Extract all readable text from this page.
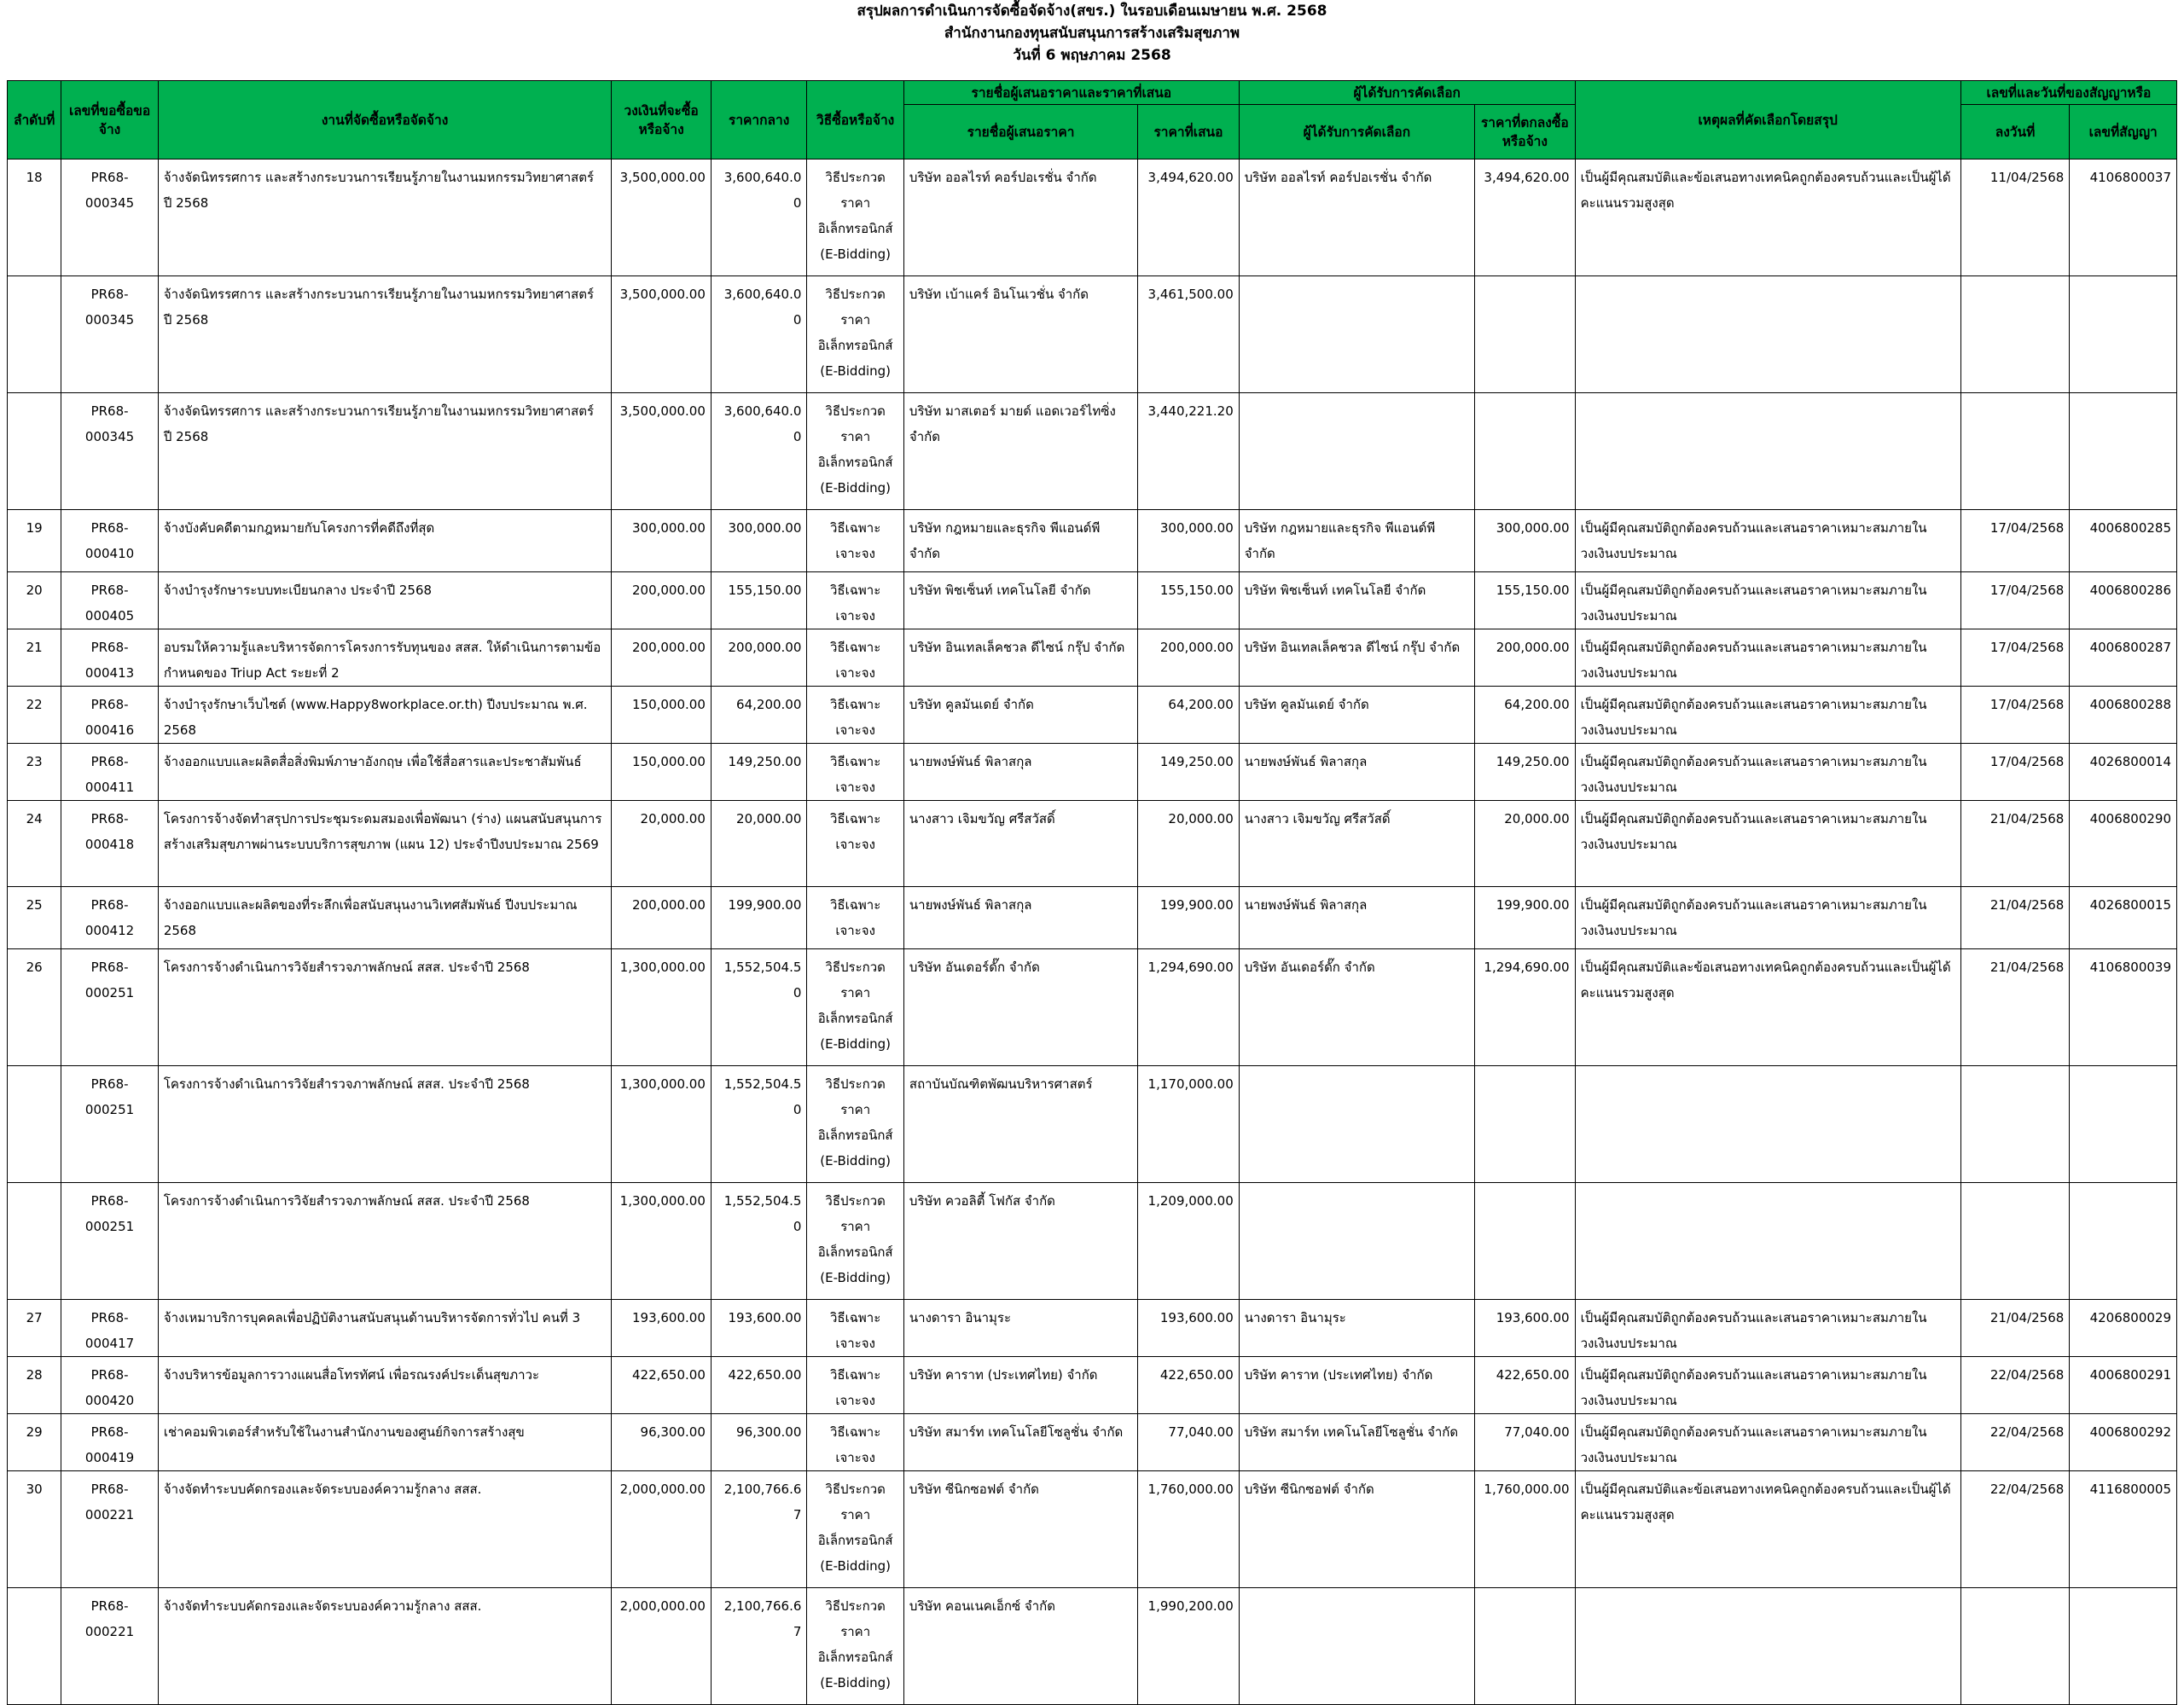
สรุปผลการดำเนินการจัดซื้อจัดจ้าง(สขร.) ในรอบเดือนเมษายน พ.ศ. 2568
สำนักงานกองทุนสนับสนุนการสร้างเสริมสุขภาพ
วันที่ 6 พฤษภาคม 2568
ลำดับที่	เลขที่ขอซื้อขอจ้าง	งานที่จัดซื้อหรือจัดจ้าง	วงเงินที่จะซื้อหรือจ้าง	ราคากลาง	วิธีซื้อหรือจ้าง	รายชื่อผู้เสนอราคาและราคาที่เสนอ		ผู้ได้รับการคัดเลือก		เหตุผลที่คัดเลือกโดยสรุป	เลขที่และวันที่ของสัญญาหรือ	
						รายชื่อผู้เสนอราคา	ราคาที่เสนอ	ผู้ได้รับการคัดเลือก	ราคาที่ตกลงซื้อหรือจ้าง		ลงวันที่	เลขที่สัญญา
18	PR68-000345	จ้างจัดนิทรรศการ และสร้างกระบวนการเรียนรู้ภายในงานมหกรรมวิทยาศาสตร์ ปี 2568	3,500,000.00	3,600,640.00	วิธีประกวดราคาอิเล็กทรอนิกส์ (E-Bidding)	บริษัท ออลไรท์ คอร์ปอเรชั่น จำกัด	3,494,620.00	บริษัท ออลไรท์ คอร์ปอเรชั่น จำกัด	3,494,620.00	เป็นผู้มีคุณสมบัติและข้อเสนอทางเทคนิคถูกต้องครบถ้วนและเป็นผู้ได้คะแนนรวมสูงสุด	11/04/2568	4106800037
	PR68-000345	จ้างจัดนิทรรศการ และสร้างกระบวนการเรียนรู้ภายในงานมหกรรมวิทยาศาสตร์ ปี 2568	3,500,000.00	3,600,640.00	วิธีประกวดราคาอิเล็กทรอนิกส์ (E-Bidding)	บริษัท เบ้าแคร์ อินโนเวชั่น จำกัด	3,461,500.00					
	PR68-000345	จ้างจัดนิทรรศการ และสร้างกระบวนการเรียนรู้ภายในงานมหกรรมวิทยาศาสตร์ ปี 2568	3,500,000.00	3,600,640.00	วิธีประกวดราคาอิเล็กทรอนิกส์ (E-Bidding)	บริษัท มาสเตอร์ มายด์ แอดเวอร์ไทซิ่ง จำกัด	3,440,221.20					
19	PR68-000410	จ้างบังคับคดีตามกฎหมายกับโครงการที่คดีถึงที่สุด	300,000.00	300,000.00	วิธีเฉพาะเจาะจง	บริษัท กฎหมายและธุรกิจ พีแอนด์พี จำกัด	300,000.00	บริษัท กฎหมายและธุรกิจ พีแอนด์พี จำกัด	300,000.00	เป็นผู้มีคุณสมบัติถูกต้องครบถ้วนและเสนอราคาเหมาะสมภายในวงเงินงบประมาณ	17/04/2568	4006800285
20	PR68-000405	จ้างบำรุงรักษาระบบทะเบียนกลาง ประจำปี 2568	200,000.00	155,150.00	วิธีเฉพาะเจาะจง	บริษัท พิชเซ็นท์ เทคโนโลยี จำกัด	155,150.00	บริษัท พิชเซ็นท์ เทคโนโลยี จำกัด	155,150.00	เป็นผู้มีคุณสมบัติถูกต้องครบถ้วนและเสนอราคาเหมาะสมภายในวงเงินงบประมาณ	17/04/2568	4006800286
21	PR68-000413	อบรมให้ความรู้และบริหารจัดการโครงการรับทุนของ สสส. ให้ดำเนินการตามข้อกำหนดของ Triup Act ระยะที่ 2	200,000.00	200,000.00	วิธีเฉพาะเจาะจง	บริษัท อินเทลเล็คชวล ดีไซน์ กรุ๊ป จำกัด	200,000.00	บริษัท อินเทลเล็คชวล ดีไซน์ กรุ๊ป จำกัด	200,000.00	เป็นผู้มีคุณสมบัติถูกต้องครบถ้วนและเสนอราคาเหมาะสมภายในวงเงินงบประมาณ	17/04/2568	4006800287
22	PR68-000416	จ้างบำรุงรักษาเว็บไซต์ (www.Happy8workplace.or.th) ปีงบประมาณ พ.ศ. 2568	150,000.00	64,200.00	วิธีเฉพาะเจาะจง	บริษัท คูลมันเดย์ จำกัด	64,200.00	บริษัท คูลมันเดย์ จำกัด	64,200.00	เป็นผู้มีคุณสมบัติถูกต้องครบถ้วนและเสนอราคาเหมาะสมภายในวงเงินงบประมาณ	17/04/2568	4006800288
23	PR68-000411	จ้างออกแบบและผลิตสื่อสิ่งพิมพ์ภาษาอังกฤษ เพื่อใช้สื่อสารและประชาสัมพันธ์	150,000.00	149,250.00	วิธีเฉพาะเจาะจง	นายพงษ์พันธ์ พิลาสกุล	149,250.00	นายพงษ์พันธ์ พิลาสกุล	149,250.00	เป็นผู้มีคุณสมบัติถูกต้องครบถ้วนและเสนอราคาเหมาะสมภายในวงเงินงบประมาณ	17/04/2568	4026800014
24	PR68-000418	โครงการจ้างจัดทำสรุปการประชุมระดมสมองเพื่อพัฒนา (ร่าง) แผนสนับสนุนการสร้างเสริมสุขภาพผ่านระบบบริการสุขภาพ (แผน 12) ประจำปีงบประมาณ 2569	20,000.00	20,000.00	วิธีเฉพาะเจาะจง	นางสาว เจิมขวัญ ศรีสวัสดิ์	20,000.00	นางสาว เจิมขวัญ ศรีสวัสดิ์	20,000.00	เป็นผู้มีคุณสมบัติถูกต้องครบถ้วนและเสนอราคาเหมาะสมภายในวงเงินงบประมาณ	21/04/2568	4006800290
25	PR68-000412	จ้างออกแบบและผลิตของที่ระลึกเพื่อสนับสนุนงานวิเทศสัมพันธ์ ปีงบประมาณ 2568	200,000.00	199,900.00	วิธีเฉพาะเจาะจง	นายพงษ์พันธ์ พิลาสกุล	199,900.00	นายพงษ์พันธ์ พิลาสกุล	199,900.00	เป็นผู้มีคุณสมบัติถูกต้องครบถ้วนและเสนอราคาเหมาะสมภายในวงเงินงบประมาณ	21/04/2568	4026800015
26	PR68-000251	โครงการจ้างดำเนินการวิจัยสำรวจภาพลักษณ์ สสส. ประจำปี 2568	1,300,000.00	1,552,504.50	วิธีประกวดราคาอิเล็กทรอนิกส์ (E-Bidding)	บริษัท อันเดอร์ดั๊ก จำกัด	1,294,690.00	บริษัท อันเดอร์ดั๊ก จำกัด	1,294,690.00	เป็นผู้มีคุณสมบัติและข้อเสนอทางเทคนิคถูกต้องครบถ้วนและเป็นผู้ได้คะแนนรวมสูงสุด	21/04/2568	4106800039
	PR68-000251	โครงการจ้างดำเนินการวิจัยสำรวจภาพลักษณ์ สสส. ประจำปี 2568	1,300,000.00	1,552,504.50	วิธีประกวดราคาอิเล็กทรอนิกส์ (E-Bidding)	สถาบันบัณฑิตพัฒนบริหารศาสตร์	1,170,000.00					
	PR68-000251	โครงการจ้างดำเนินการวิจัยสำรวจภาพลักษณ์ สสส. ประจำปี 2568	1,300,000.00	1,552,504.50	วิธีประกวดราคาอิเล็กทรอนิกส์ (E-Bidding)	บริษัท ควอลิตี้ โฟกัส จำกัด	1,209,000.00					
27	PR68-000417	จ้างเหมาบริการบุคคลเพื่อปฏิบัติงานสนับสนุนด้านบริหารจัดการทั่วไป คนที่ 3	193,600.00	193,600.00	วิธีเฉพาะเจาะจง	นางดารา อินามุระ	193,600.00	นางดารา อินามุระ	193,600.00	เป็นผู้มีคุณสมบัติถูกต้องครบถ้วนและเสนอราคาเหมาะสมภายในวงเงินงบประมาณ	21/04/2568	4206800029
28	PR68-000420	จ้างบริหารข้อมูลการวางแผนสื่อโทรทัศน์ เพื่อรณรงค์ประเด็นสุขภาวะ	422,650.00	422,650.00	วิธีเฉพาะเจาะจง	บริษัท คาราท (ประเทศไทย) จำกัด	422,650.00	บริษัท คาราท (ประเทศไทย) จำกัด	422,650.00	เป็นผู้มีคุณสมบัติถูกต้องครบถ้วนและเสนอราคาเหมาะสมภายในวงเงินงบประมาณ	22/04/2568	4006800291
29	PR68-000419	เช่าคอมพิวเตอร์สำหรับใช้ในงานสำนักงานของศูนย์กิจการสร้างสุข	96,300.00	96,300.00	วิธีเฉพาะเจาะจง	บริษัท สมาร์ท เทคโนโลยีโซลูชั่น จำกัด	77,040.00	บริษัท สมาร์ท เทคโนโลยีโซลูชั่น จำกัด	77,040.00	เป็นผู้มีคุณสมบัติถูกต้องครบถ้วนและเสนอราคาเหมาะสมภายในวงเงินงบประมาณ	22/04/2568	4006800292
30	PR68-000221	จ้างจัดทำระบบคัดกรองและจัดระบบองค์ความรู้กลาง สสส.	2,000,000.00	2,100,766.67	วิธีประกวดราคาอิเล็กทรอนิกส์ (E-Bidding)	บริษัท ซีนิกซอฟต์ จำกัด	1,760,000.00	บริษัท ซีนิกซอฟต์ จำกัด	1,760,000.00	เป็นผู้มีคุณสมบัติและข้อเสนอทางเทคนิคถูกต้องครบถ้วนและเป็นผู้ได้คะแนนรวมสูงสุด	22/04/2568	4116800005
	PR68-000221	จ้างจัดทำระบบคัดกรองและจัดระบบองค์ความรู้กลาง สสส.	2,000,000.00	2,100,766.67	วิธีประกวดราคาอิเล็กทรอนิกส์ (E-Bidding)	บริษัท คอนเนคเอ็กซ์ จำกัด	1,990,200.00					
